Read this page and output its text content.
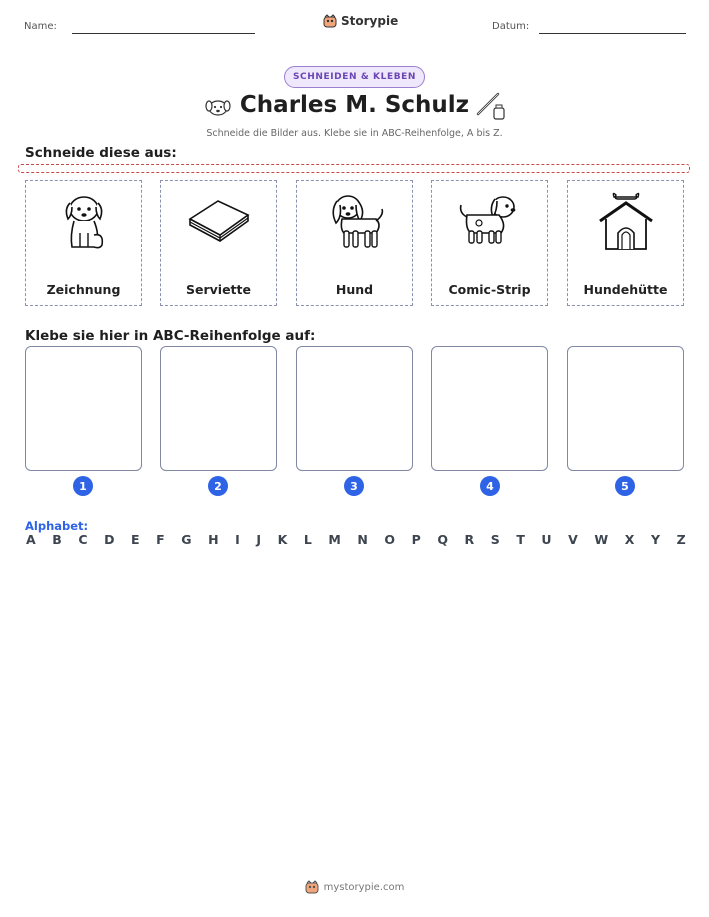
Name:	Storypie	Datum:
SCHNEIDEN & KLEBEN
Charles M. Schulz
Schneide die Bilder aus. Klebe sie in ABC-Reihenfolge, A bis Z.
Schneide diese aus:
Zeichnung	Serviette	Hund	Comic-Strip	Hundehütte
Klebe sie hier in ABC-Reihenfolge auf:
1	2	3	4	5
Alphabet:
A B C D E F G H I J K L M N O P Q R S T U V W X Y Z
mystorypie.com
